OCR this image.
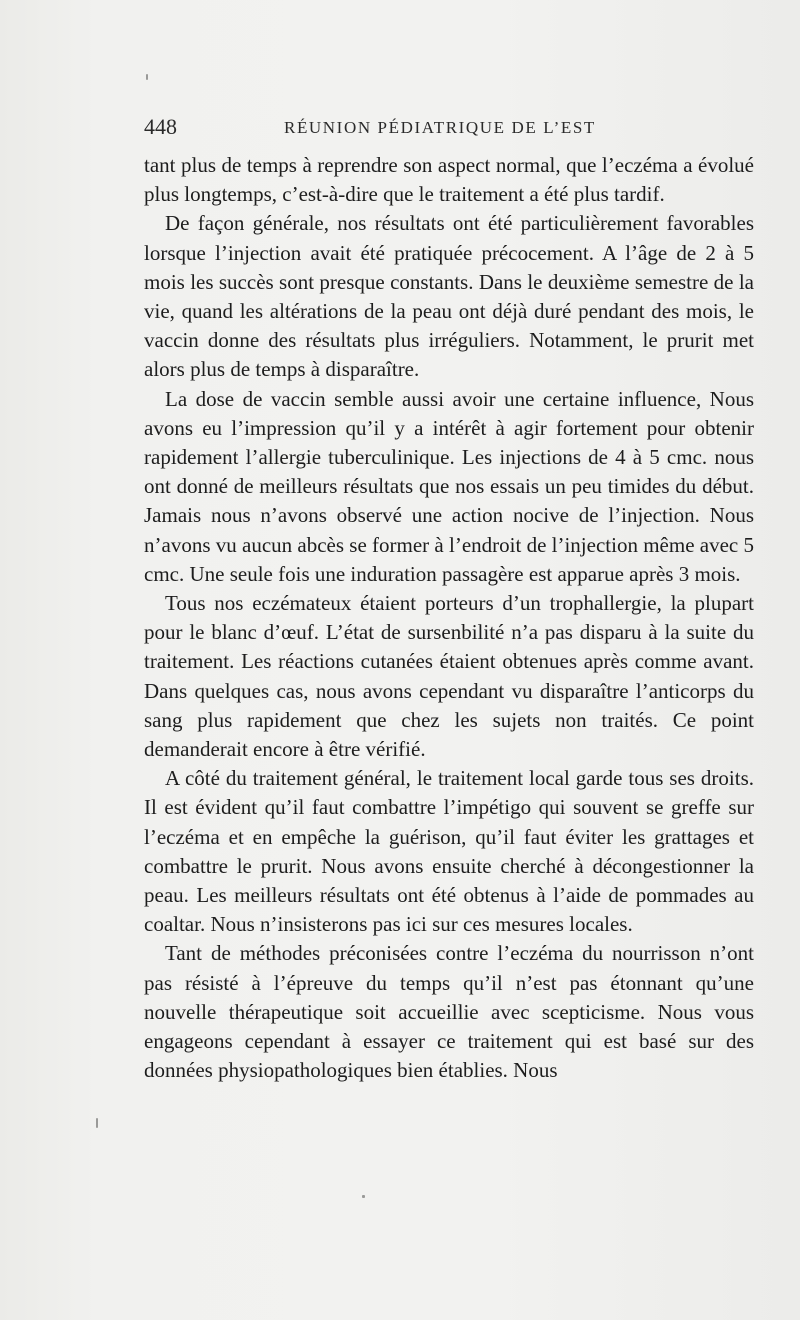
448	RÉUNION PÉDIATRIQUE DE L’EST

tant plus de temps à reprendre son aspect normal, que l’eczéma a évolué plus longtemps, c’est-à-dire que le traitement a été plus tardif.

De façon générale, nos résultats ont été particulièrement favorables lorsque l’injection avait été pratiquée précocement. A l’âge de 2 à 5 mois les succès sont presque constants. Dans le deuxième semestre de la vie, quand les altérations de la peau ont déjà duré pendant des mois, le vaccin donne des résultats plus irréguliers. Notamment, le prurit met alors plus de temps à disparaître.

La dose de vaccin semble aussi avoir une certaine influence, Nous avons eu l’impression qu’il y a intérêt à agir fortement pour obtenir rapidement l’allergie tuberculinique. Les injections de 4 à 5 cmc. nous ont donné de meilleurs résultats que nos essais un peu timides du début. Jamais nous n’avons observé une action nocive de l’injection. Nous n’avons vu aucun abcès se former à l’endroit de l’injection même avec 5 cmc. Une seule fois une induration passagère est apparue après 3 mois.

Tous nos eczémateux étaient porteurs d’un trophallergie, la plupart pour le blanc d’œuf. L’état de sursenbilité n’a pas disparu à la suite du traitement. Les réactions cutanées étaient obtenues après comme avant. Dans quelques cas, nous avons cependant vu disparaître l’anticorps du sang plus rapidement que chez les sujets non traités. Ce point demanderait encore à être vérifié.

A côté du traitement général, le traitement local garde tous ses droits. Il est évident qu’il faut combattre l’impétigo qui souvent se greffe sur l’eczéma et en empêche la guérison, qu’il faut éviter les grattages et combattre le prurit. Nous avons ensuite cherché à décongestionner la peau. Les meilleurs résultats ont été obtenus à l’aide de pommades au coaltar. Nous n’insisterons pas ici sur ces mesures locales.

Tant de méthodes préconisées contre l’eczéma du nourrisson n’ont pas résisté à l’épreuve du temps qu’il n’est pas étonnant qu’une nouvelle thérapeutique soit accueillie avec scepticisme. Nous vous engageons cependant à essayer ce traitement qui est basé sur des données physiopathologiques bien établies. Nous
